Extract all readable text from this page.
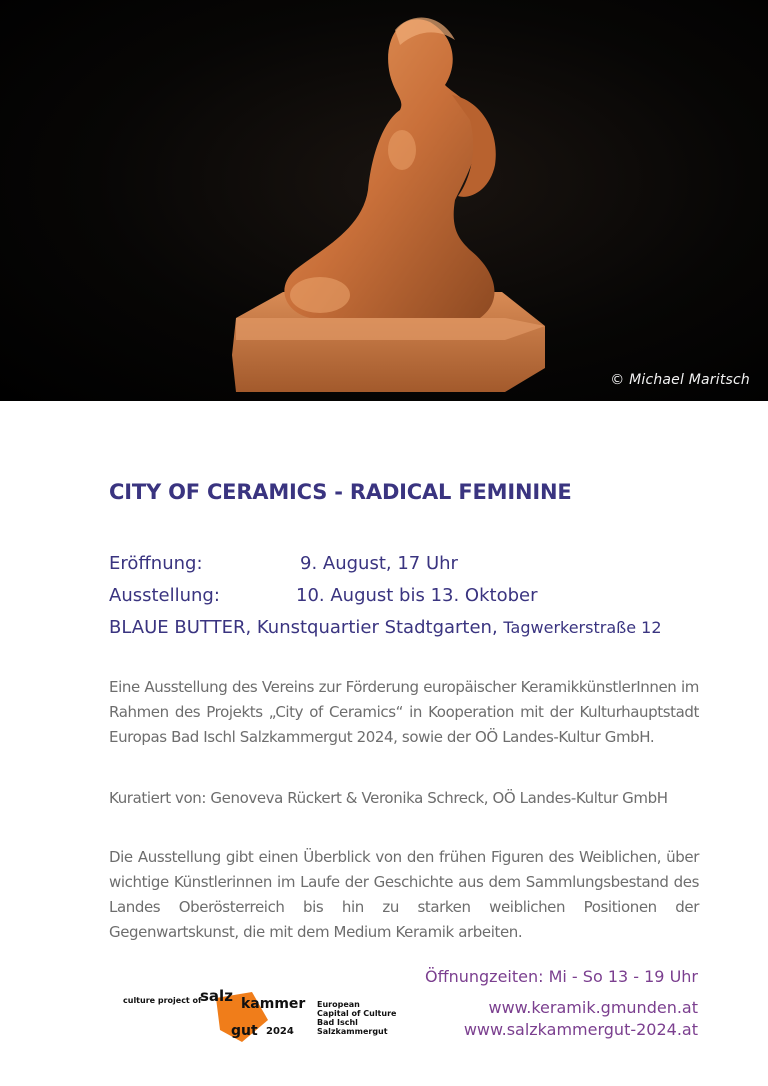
© Michael Maritsch
CITY OF CERAMICS - RADICAL FEMININE
Eröffnung:	9. August, 17 Uhr
Ausstellung:	10. August bis 13. Oktober
BLAUE BUTTER, Kunstquartier Stadtgarten, Tagwerkerstraße 12
Eine Ausstellung des Vereins zur Förderung europäischer KeramikkünstlerInnen im Rahmen des Projekts „City of Ceramics“ in Kooperation mit der Kulturhauptstadt Europas Bad Ischl Salzkammergut 2024, sowie der OÖ Landes-Kultur GmbH.
Kuratiert von: Genoveva Rückert & Veronika Schreck, OÖ Landes-Kultur GmbH
Die Ausstellung gibt einen Überblick von den frühen Figuren des Weiblichen, über wichtige Künstlerinnen im Laufe der Geschichte aus dem Sammlungsbestand des Landes Oberösterreich bis hin zu starken weiblichen Positionen der Gegenwartskunst, die mit dem Medium Keramik arbeiten.
Öffnungzeiten: Mi - So 13 - 19 Uhr
www.keramik.gmunden.at
www.salzkammergut-2024.at
culture project of
salz kammer
gut 2024
European
Capital of Culture
Bad Ischl
Salzkammergut
